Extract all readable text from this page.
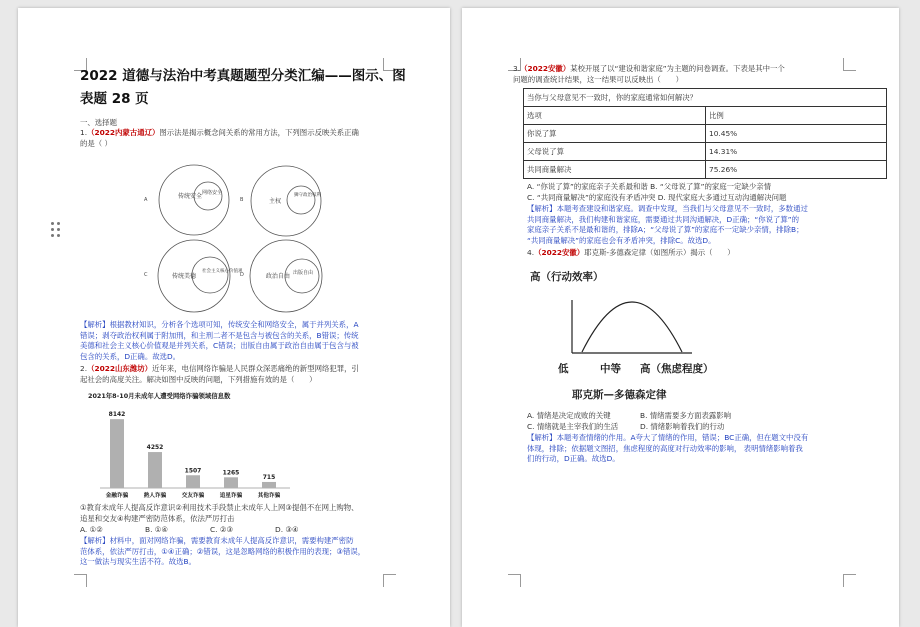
2022 道德与法治中考真题题型分类汇编——图示、图
表题 28 页
一、选择题
1.（2022内蒙古通辽）图示法是揭示概念间关系的常用方法，下列图示反映关系正确
的是（ ）
A	传统安全 网络安全
B	主权
狮守政治权利
C	传统美德
社会主义核心价值观
D	政治自由 出版自由
【解析】根据教材知识，分析各个选项可知，传统安全和网络安全，属于并列关系，A
错误；剥夺政治权利属于附加刑，和主刑二者不是包含与被包含的关系，B错误；传统
美德和社会主义核心价值观是并列关系，C错误；出版自由属于政治自由属于包含与被
包含的关系，D正确。故选D。
2.（2022山东潍坊）近年来，电信网络诈骗是人民群众深恶痛绝的新型网络犯罪，引
起社会的高度关注。解决如图中反映的问题，下列措施有效的是（　　）
2021年8-10月未成年人遭受网络诈骗领域信息数
8142
金融诈骗
4252
熟人诈骗
1507
交友诈骗
1265
追星诈骗
715
其他诈骗
①教育未成年人提高反诈意识②利用技术手段禁止未成年人上网③提倡不在网上购物、
追星和交友④构建严密防范体系，依法严厉打击
A. ①②	B. ①④	C. ②③	D. ③④
【解析】材料中，面对网络诈骗，需要教育未成年人提高反诈意识，需要构建严密防
范体系，依法严厉打击，①④正确；②错误，这是忽略网络的积极作用的表现；③错误，
这一做法与现实生活不符。故选B。
3.（2022安徽）某校开展了以“建设和谐家庭”为主题的问卷调查。下表是其中一个
问题的调查统计结果，这一结果可以反映出（　　）
当你与父母意见不一致时，你的家庭通常如何解决？	
选项	比例
你说了算	10.45%
父母说了算	14.31%
共同商量解决	75.26%
A. “你说了算”的家庭亲子关系最和谐 B. “父母说了算”的家庭一定缺少亲情
C. “共同商量解决”的家庭没有矛盾冲突 D. 现代家庭大多通过互动沟通解决问题
【解析】本题考查建设和谐家庭。调查中发现，当我们与父母意见不一致时，多数通过
共同商量解决，我们构建和谐家庭，需要通过共同沟通解决，D正确；“你说了算”的
家庭亲子关系不是最和谐的，排除A；“父母说了算”的家庭不一定缺少亲情，排除B；
“共同商量解决”的家庭也会有矛盾冲突，排除C。故选D。
4.（2022安徽）耶克斯-多德森定律（如图所示）揭示（　　）
高（行动效率）
低	中等 高（焦虑程度）
耶克斯—多德森定律
A. 情绪是决定成败的关键	B. 情绪需要多方面表露影响
C. 情绪就是主宰我们的生活	D. 情绪影响着我们的行动
【解析】本题考查情绪的作用。A夸大了情绪的作用，错误；BC正确，但在题文中没有
体现，排除；依据题文图招，焦虑程度的高度对行动效率的影响， 表明情绪影响着我
们的行动，D正确。故选D。
